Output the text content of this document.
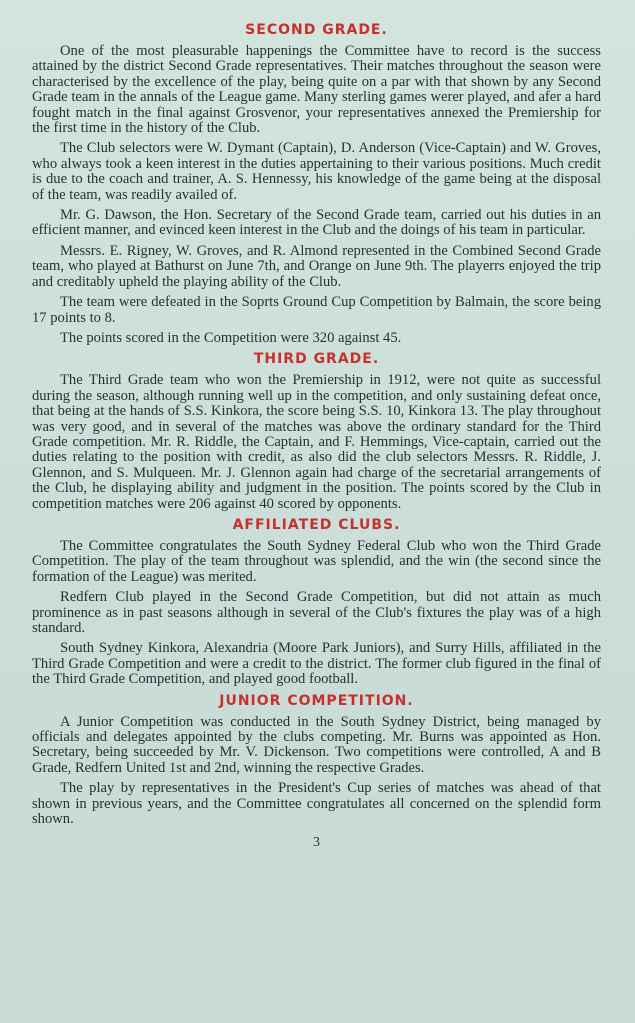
SECOND GRADE.

One of the most pleasurable happenings the Committee have to record is the success attained by the district Second Grade representatives. Their matches throughout the season were characterised by the excellence of the play, being quite on a par with that shown by any Second Grade team in the annals of the League game. Many sterling games werer played, and afer a hard fought match in the final against Grosvenor, your representatives annexed the Premiership for the first time in the history of the Club.

The Club selectors were W. Dymant (Captain), D. Anderson (Vice-Captain) and W. Groves, who always took a keen interest in the duties appertaining to their various positions. Much credit is due to the coach and trainer, A. S. Hennessy, his knowledge of the game being at the disposal of the team, was readily availed of.

Mr. G. Dawson, the Hon. Secretary of the Second Grade team, carried out his duties in an efficient manner, and evinced keen interest in the Club and the doings of his team in particular.

Messrs. E. Rigney, W. Groves, and R. Almond represented in the Combined Second Grade team, who played at Bathurst on June 7th, and Orange on June 9th. The playerrs enjoyed the trip and creditably upheld the playing ability of the Club.

The team were defeated in the Soprts Ground Cup Competition by Balmain, the score being 17 points to 8.

The points scored in the Competition were 320 against 45.

THIRD GRADE.

The Third Grade team who won the Premiership in 1912, were not quite as successful during the season, although running well up in the competition, and only sustaining defeat once, that being at the hands of S.S. Kinkora, the score being S.S. 10, Kinkora 13. The play throughout was very good, and in several of the matches was above the ordinary standard for the Third Grade competition. Mr. R. Riddle, the Captain, and F. Hemmings, Vice-captain, carried out the duties relating to the position with credit, as also did the club selectors Messrs. R. Riddle, J. Glennon, and S. Mulqueen. Mr. J. Glennon again had charge of the secretarial arrangements of the Club, he displaying ability and judgment in the position. The points scored by the Club in competition matches were 206 against 40 scored by opponents.

AFFILIATED CLUBS.

The Committee congratulates the South Sydney Federal Club who won the Third Grade Competition. The play of the team throughout was splendid, and the win (the second since the formation of the League) was merited.

Redfern Club played in the Second Grade Competition, but did not attain as much prominence as in past seasons although in several of the Club's fixtures the play was of a high standard.

South Sydney Kinkora, Alexandria (Moore Park Juniors), and Surry Hills, affiliated in the Third Grade Competition and were a credit to the district. The former club figured in the final of the Third Grade Competition, and played good football.

JUNIOR COMPETITION.

A Junior Competition was conducted in the South Sydney District, being managed by officials and delegates appointed by the clubs competing. Mr. Burns was appointed as Hon. Secretary, being succeeded by Mr. V. Dickenson. Two competitions were controlled, A and B Grade, Redfern United 1st and 2nd, winning the respective Grades.

The play by representatives in the President's Cup series of matches was ahead of that shown in previous years, and the Committee congratulates all concerned on the splendid form shown.

3
